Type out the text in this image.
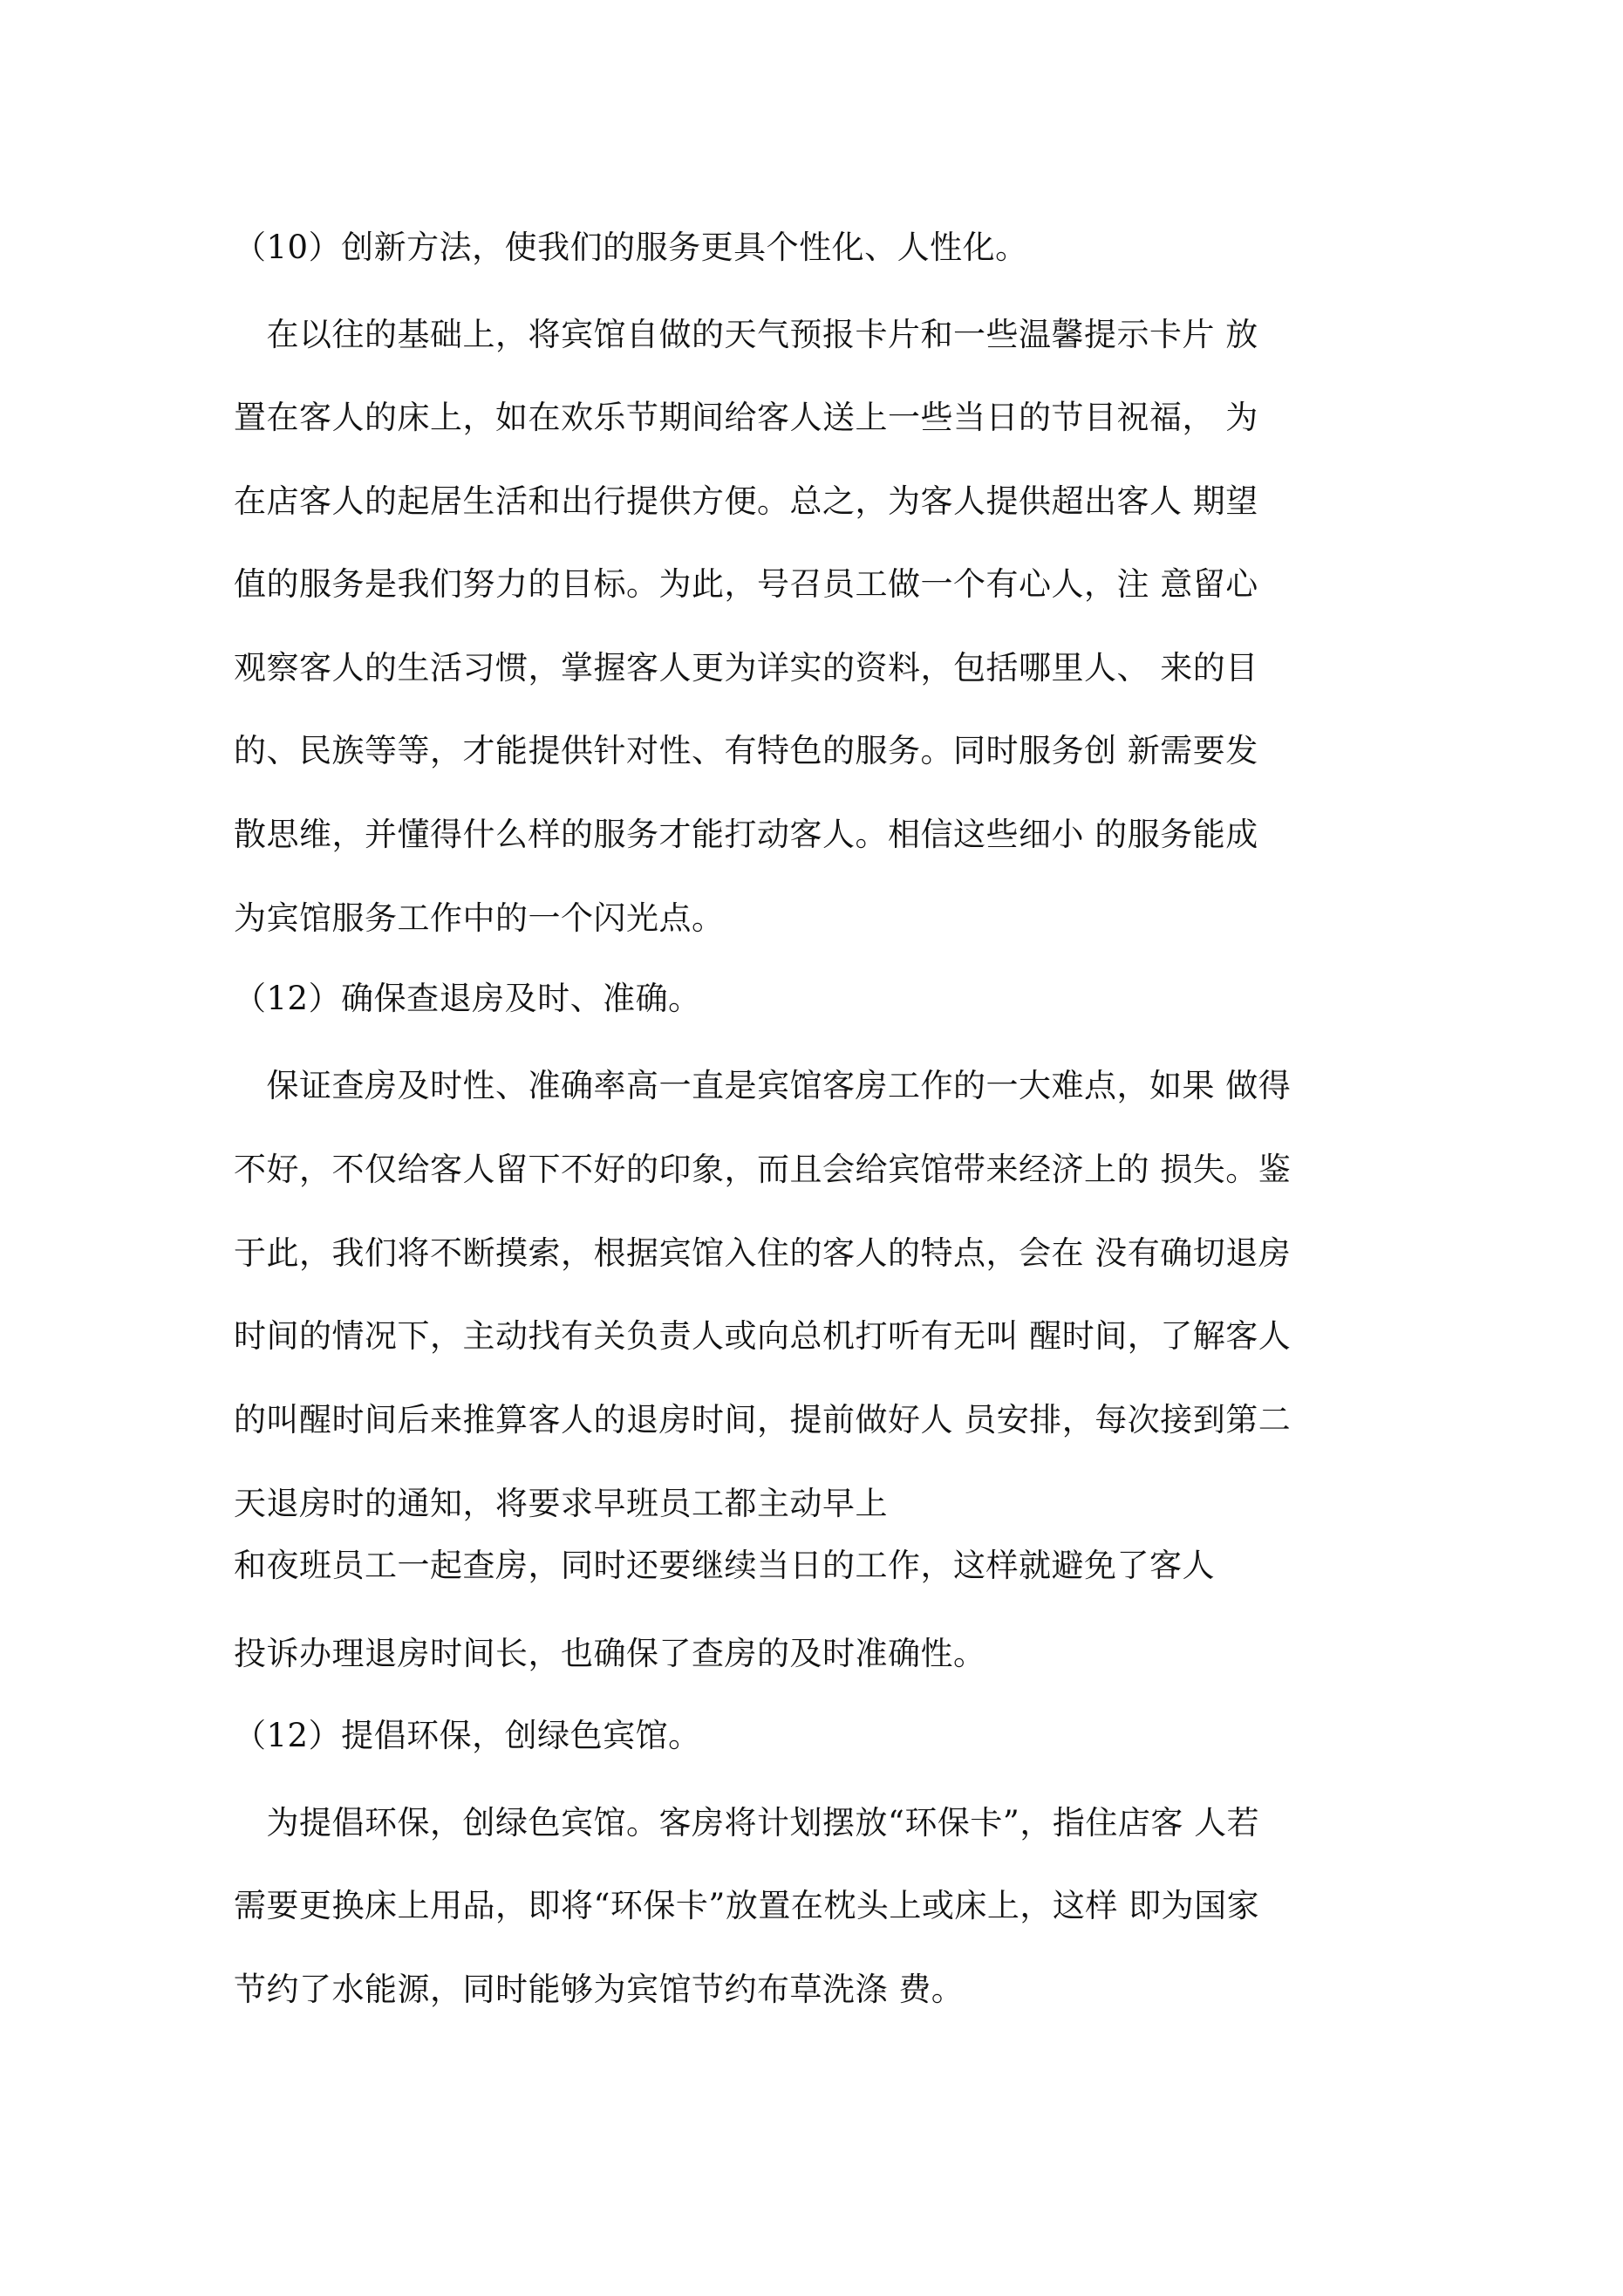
（10）创新方法，使我们的服务更具个性化、人性化。
　在以往的基础上，将宾馆自做的天气预报卡片和一些温馨提示卡片 放
置在客人的床上，如在欢乐节期间给客人送上一些当日的节目祝福， 为
在店客人的起居生活和出行提供方便。总之，为客人提供超出客人 期望
值的服务是我们努力的目标。为此，号召员工做一个有心人，注 意留心
观察客人的生活习惯，掌握客人更为详实的资料，包括哪里人、 来的目
的、民族等等，才能提供针对性、有特色的服务。同时服务创 新需要发
散思维，并懂得什么样的服务才能打动客人。相信这些细小 的服务能成
为宾馆服务工作中的一个闪光点。
（12）确保查退房及时、准确。
　保证查房及时性、准确率高一直是宾馆客房工作的一大难点，如果 做得
不好，不仅给客人留下不好的印象，而且会给宾馆带来经济上的 损失。鉴
于此，我们将不断摸索，根据宾馆入住的客人的特点，会在 没有确切退房
时间的情况下，主动找有关负责人或向总机打听有无叫 醒时间，了解客人
的叫醒时间后来推算客人的退房时间，提前做好人 员安排，每次接到第二
天退房时的通知，将要求早班员工都主动早上
和夜班员工一起查房，同时还要继续当日的工作，这样就避免了客人
投诉办理退房时间长，也确保了查房的及时准确性。
（12）提倡环保，创绿色宾馆。
　为提倡环保，创绿色宾馆。客房将计划摆放“环保卡”，指住店客 人若
需要更换床上用品，即将“环保卡”放置在枕头上或床上，这样 即为国家
节约了水能源，同时能够为宾馆节约布草洗涤 费。
